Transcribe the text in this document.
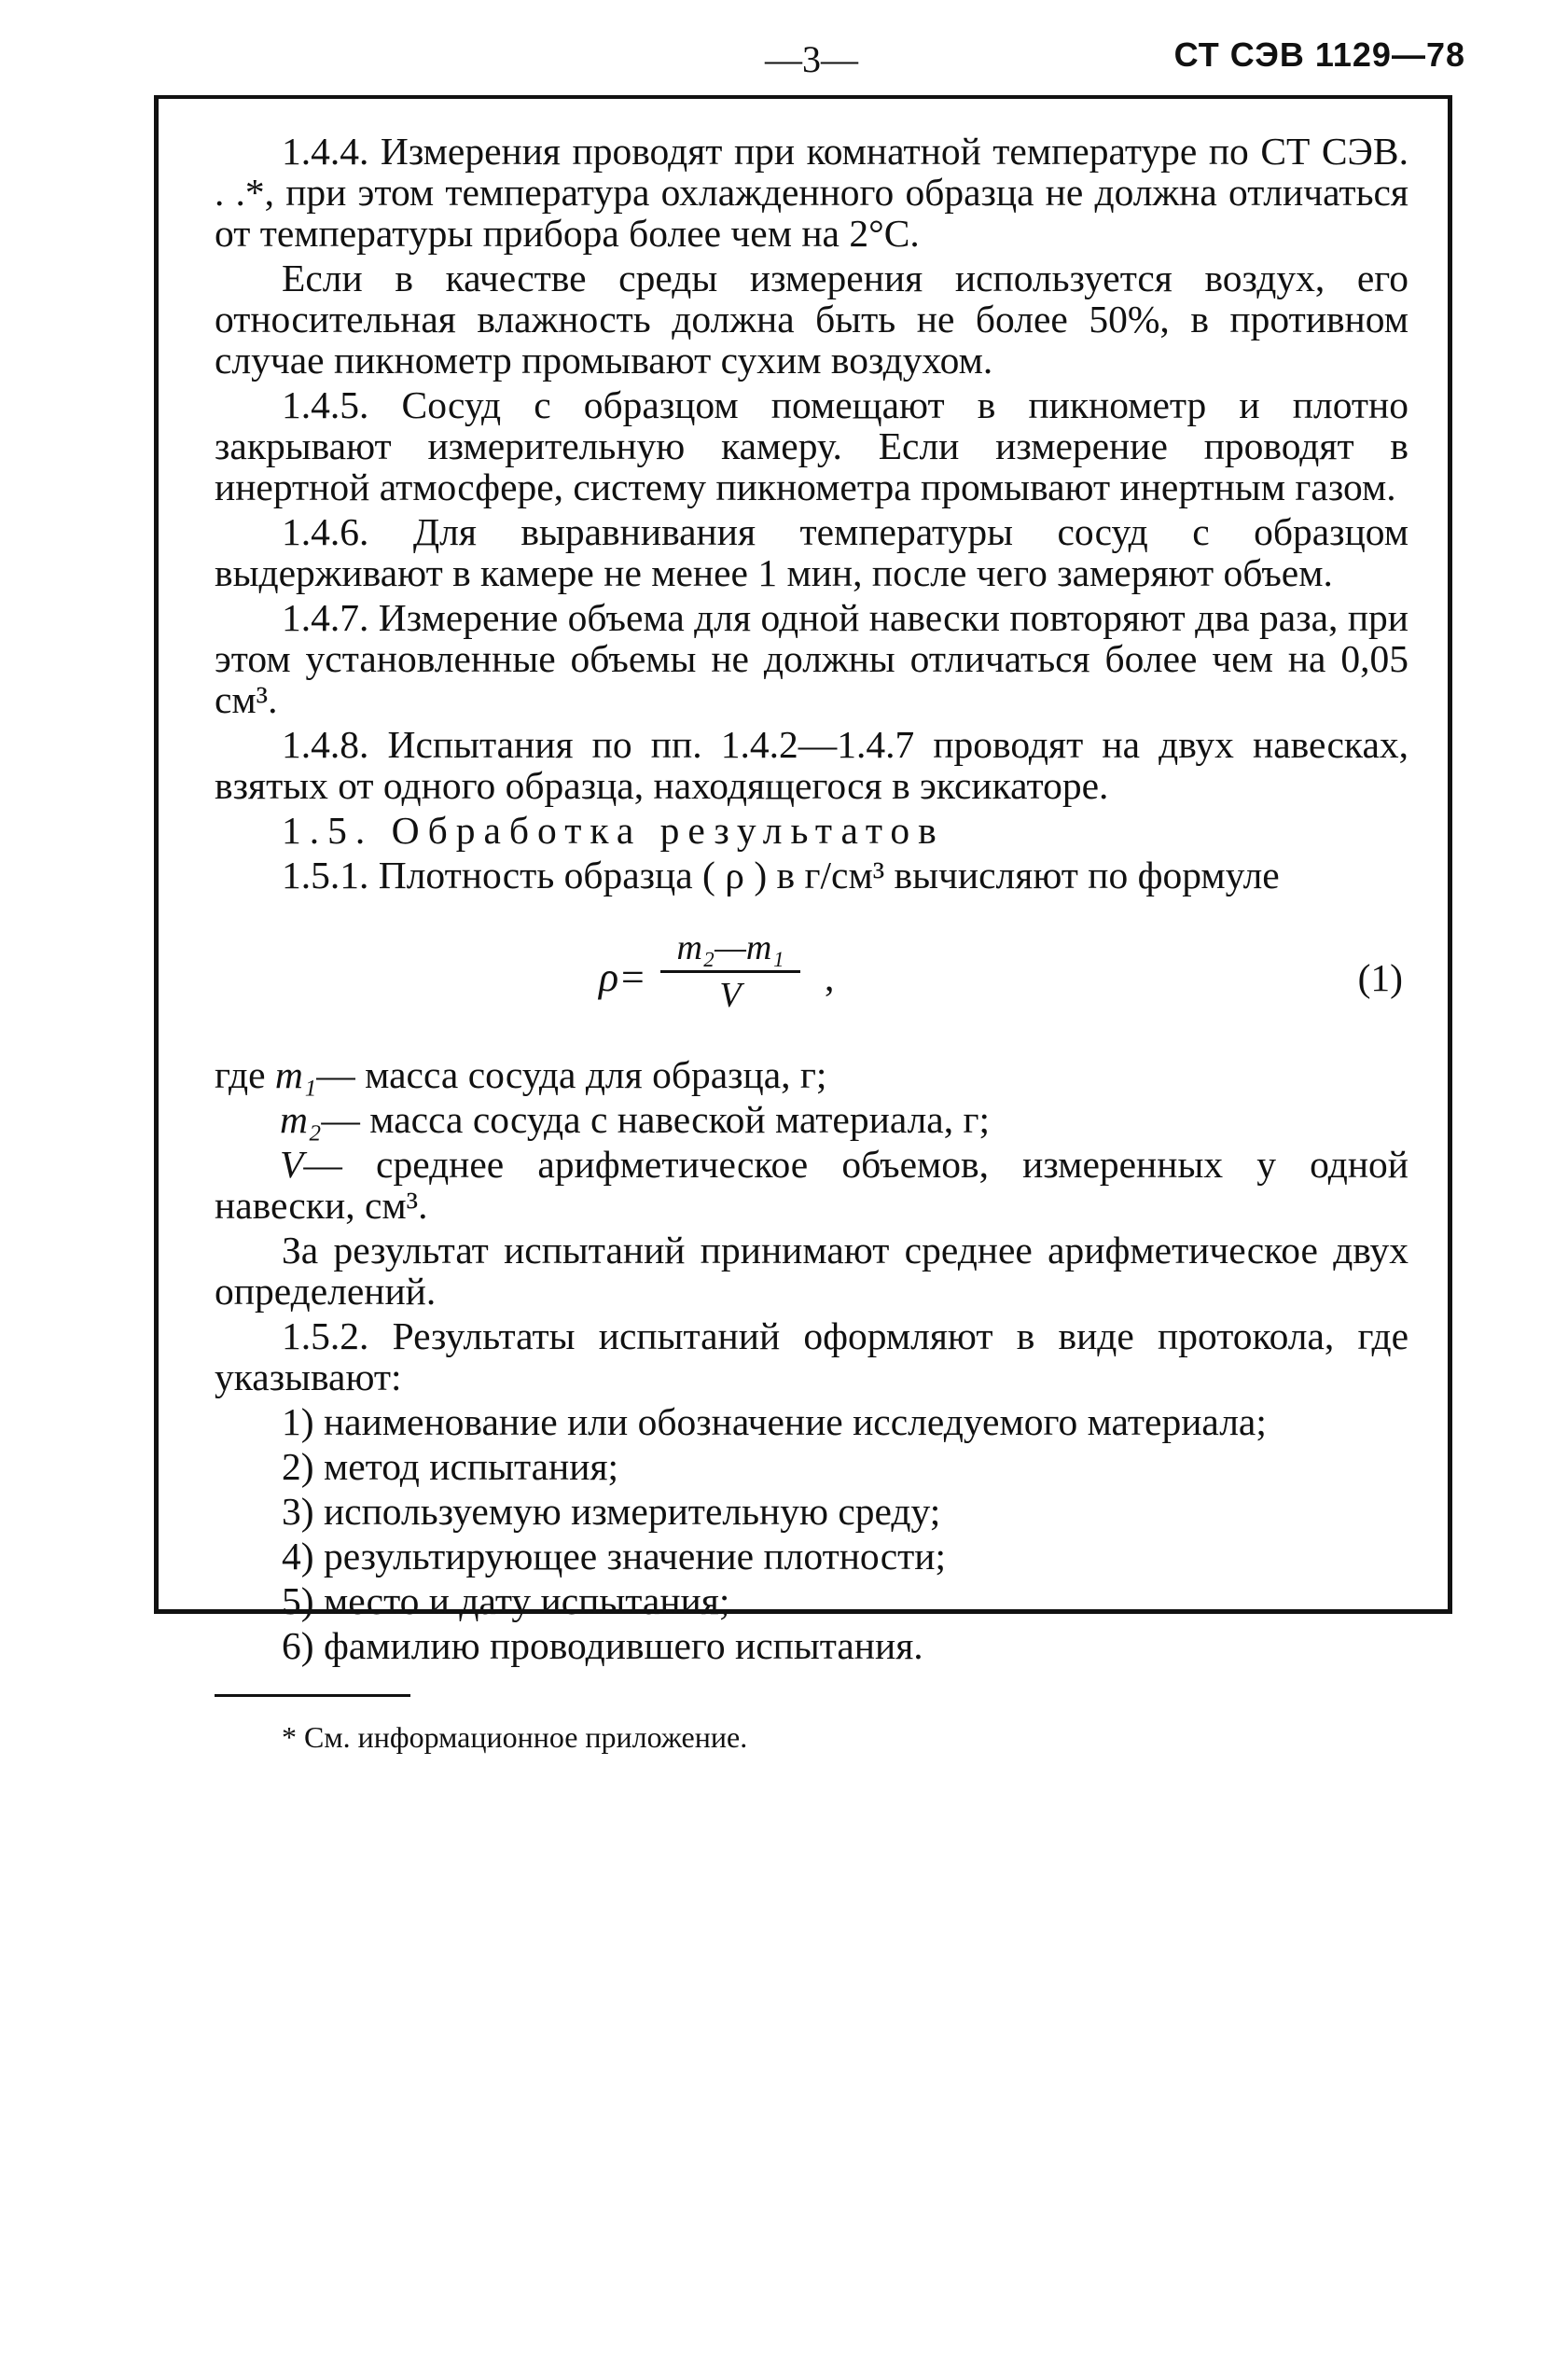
—3—	СТ СЭВ 1129—78

1.4.4. Измерения проводят при комнатной температуре по СТ СЭВ. . .*, при этом температура охлажденного образца не должна отличаться от температуры прибора более чем на 2°С.

Если в качестве среды измерения используется воздух, его относительная влажность должна быть не более 50%, в противном случае пикнометр промывают сухим воздухом.

1.4.5. Сосуд с образцом помещают в пикнометр и плотно закрывают измерительную камеру. Если измерение проводят в инертной атмосфере, систему пикнометра промывают инертным газом.

1.4.6. Для выравнивания температуры сосуд с образцом выдерживают в камере не менее 1 мин, после чего замеряют объем.

1.4.7. Измерение объема для одной навески повторяют два раза, при этом установленные объемы не должны отличаться более чем на 0,05 см³.

1.4.8. Испытания по пп. 1.4.2—1.4.7 проводят на двух навесках, взятых от одного образца, находящегося в эксикаторе.

1.5. Обработка результатов

1.5.1. Плотность образца ( ρ ) в г/см³ вычисляют по формуле

$\rho= \frac{\text{m₂—m₁}}{V}$ ,	(1)

где m₁— масса сосуда для образца, г;

m₂— масса сосуда с навеской материала, г;

V— среднее арифметическое объемов, измеренных у одной навески, см³.

За результат испытаний принимают среднее арифметическое двух определений.

1.5.2. Результаты испытаний оформляют в виде протокола, где указывают:

1) наименование или обозначение исследуемого материала;

2) метод испытания;

3) используемую измерительную среду;

4) результирующее значение плотности;

5) место и дату испытания;

6) фамилию проводившего испытания.

* См. информационное приложение.
